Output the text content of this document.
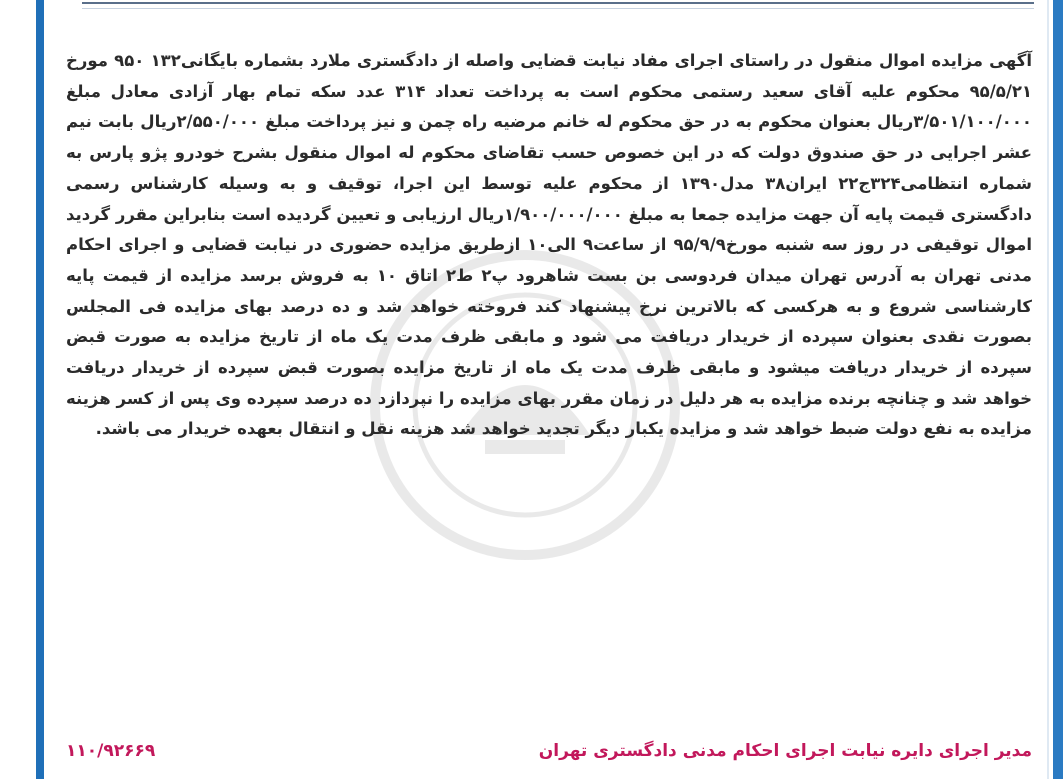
آگهی مزایده اموال منقول در راستای اجرای مفاد نیابت قضایی واصله از دادگستری ملارد بشماره بایگانی۱۳۲ ۹۵۰ مورخ ۹۵/۵/۲۱ محکوم علیه آقای سعید رستمی محکوم است به پرداخت تعداد ۳۱۴ عدد سکه تمام بهار آزادی معادل مبلغ ۳/۵۰۱/۱۰۰/۰۰۰ریال بعنوان محکوم به در حق محکوم له خانم مرضیه راه چمن و نیز پرداخت مبلغ ۲/۵۵۰/۰۰۰ریال بابت نیم عشر اجرایی در حق صندوق دولت که در این خصوص حسب تقاضای محکوم له اموال منقول بشرح خودرو پژو پارس به شماره انتظامی۳۲۴ج۲۲ ایران۳۸ مدل۱۳۹۰ از محکوم علیه توسط این اجرا، توقیف و به وسیله کارشناس رسمی دادگستری قیمت پایه آن جهت مزایده جمعا به مبلغ ۱/۹۰۰/۰۰۰/۰۰۰ریال ارزیابی و تعیین گردیده است بنابراین مقرر گردید اموال توقیفی در روز سه شنبه مورخ۹۵/۹/۹ از ساعت۹ الی۱۰ ازطریق مزایده حضوری در نیابت قضایی و اجرای احکام مدنی تهران به آدرس تهران میدان فردوسی بن بست شاهرود پ۲ ط۲ اتاق ۱۰ به فروش برسد مزایده از قیمت پایه کارشناسی شروع و به هرکسی که بالاترین نرخ پیشنهاد کند فروخته خواهد شد و ده درصد بهای مزایده فی المجلس بصورت نقدی بعنوان سپرده از خریدار دریافت می شود و مابقی ظرف مدت یک ماه از تاریخ مزایده به صورت قبض سپرده از خریدار دریافت میشود و مابقی ظرف مدت یک ماه از تاریخ مزایده بصورت قبض سپرده از خریدار دریافت خواهد شد و چنانچه برنده مزایده به هر دلیل در زمان مقرر بهای مزایده را نپردازد ده درصد سپرده وی پس از کسر هزینه مزایده به نفع دولت ضبط خواهد شد و مزایده یکبار دیگر تجدید خواهد شد هزینه نقل و انتقال بعهده خریدار می باشد.

مدیر اجرای دایره نیابت اجرای احکام مدنی دادگستری تهران
۱۱۰/۹۲۶۶۹
